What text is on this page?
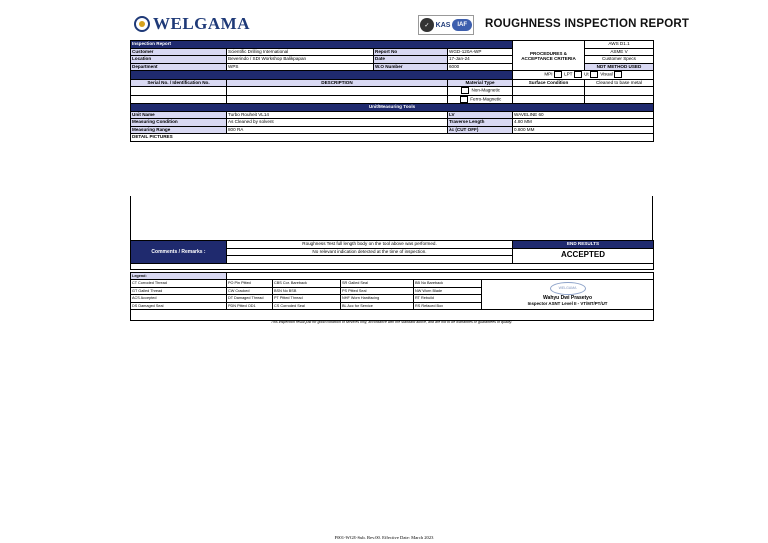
WELGAMA	✓ KAS	IAF	ROUGHNESS INSPECTION REPORT
Inspection Report				PROCEDURES & ACCEPTANCE CRITERIA	AWS D1.1
Customer	Scientific Drilling International	Report No	WGD-120A-WP		ASME V
Location	Beverindo / SDI Workshop Balikpapan	Date	17-Jan-24		Customer Specs
Department	WPS	W.O Number	6000		NDT METHOD USED
				MPI LPT Ut Visual	
Serial No. / Identification No.	DESCRIPTION		Material Type	Surface Condition	Cleaned to base metal
			Non-Magnetic		
			Ferro-Magnetic		
Unit/Measuring Tools					
Unit Name	Turbo Rouheit VL14		LV	WAVELINE 60	
Measuring Condition	As Cleaned by solvent		Traverse Length	4.80 MM	
Measuring Range	800 RA		λc (CUT OFF)	0.800 MM	
DETAIL PICTURES					
Comments / Remarks :	Roughness Test full length body on the tool above was performed.	END RESULTS
	No relevant indication detected at the time of inspection.	ACCEPTED

Legend:					
CT Corroded Thread	PO Pin Pitted	CBS Cor. Bareback	SR Galled Seal	BB No Bareback	WELGAMA
Wahyu Dwi Prasetyo
Inspector ASNT Level II - VT/MT/PT/UT

GT Galled Thread	CW Cracked	BSN No BSB	PS Pitted Seal	NW Worn Blade	
ACS Accepted	DT Damaged Thread	PT Pitted Thread	NHF Worn Hardfacing	RT Rebuild	
DS Damaged Seal	PDN Pitted OD1	CS Corroded Seal	BL Acc for Service	RS Refaced Box	

This inspection result just for good condition of services only, accordance with the standard above, and are not to be warranties or guarantees of quality.
F001-WGE-Sub. Rev.00. Effective Date: March 2023
